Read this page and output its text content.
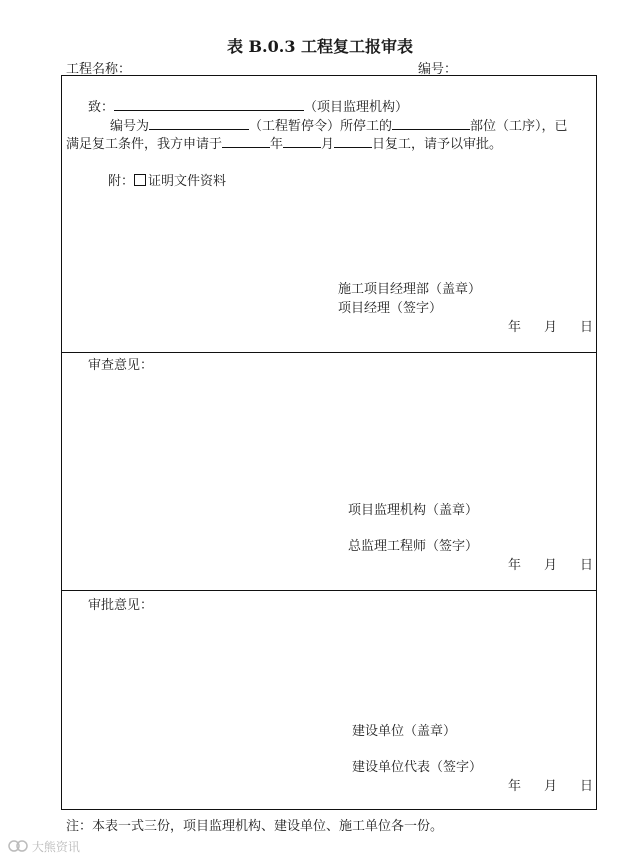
表 B.0.3 工程复工报审表
工程名称：	编号：
致：	（项目监理机构）
编号为	（工程暂停令）所停工的	部位（工序），已
满足复工条件，我方申请于	年	月	日复工，请予以审批。
附： 证明文件资料
施工项目经理部（盖章）
项目经理（签字）
年 月 日
审查意见：
项目监理机构（盖章）
总监理工程师（签字）
年 月 日
审批意见：
建设单位（盖章）
建设单位代表（签字）
年 月 日
注：本表一式三份，项目监理机构、建设单位、施工单位各一份。
大熊资讯
